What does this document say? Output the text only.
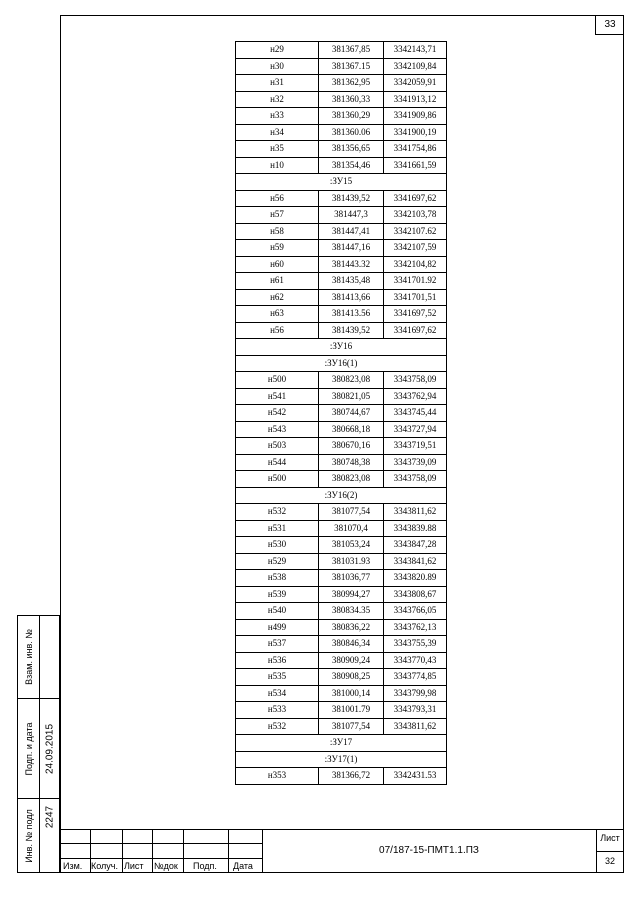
33
н29	381367,85	3342143,71
н30	381367.15	3342109,84
н31	381362,95	3342059,91
н32	381360,33	3341913,12
н33	381360,29	3341909,86
н34	381360.06	3341900,19
н35	381356,65	3341754,86
н10	381354,46	3341661,59
:ЗУ15		
н56	381439,52	3341697,62
н57	381447,3	3342103,78
н58	381447,41	3342107.62
н59	381447,16	3342107,59
н60	381443.32	3342104,82
н61	381435,48	3341701.92
н62	381413,66	3341701,51
н63	381413.56	3341697,52
н56	381439,52	3341697,62
:ЗУ16		
:ЗУ16(1)		
н500	380823,08	3343758,09
н541	380821,05	3343762,94
н542	380744,67	3343745,44
н543	380668,18	3343727,94
н503	380670,16	3343719,51
н544	380748,38	3343739,09
н500	380823,08	3343758,09
:ЗУ16(2)		
н532	381077,54	3343811,62
н531	381070,4	3343839.88
н530	381053,24	3343847,28
н529	381031.93	3343841,62
н538	381036,77	3343820.89
н539	380994,27	3343808,67
н540	380834.35	3343766,05
н499	380836,22	3343762,13
н537	380846,34	3343755,39
н536	380909,24	3343770,43
н535	380908,25	3343774,85
н534	381000,14	3343799,98
н533	381001.79	3343793,31
н532	381077,54	3343811,62
:ЗУ17		
:ЗУ17(1)		
н353	381366,72	3342431.53
Взам. инв. №
Подп. и дата 24.09.2015
Инв. № подл 2247
Изм. Колуч. Лист №док Подп. Дата
07/187-15-ПМТ1.1.ПЗ
Лист
32
